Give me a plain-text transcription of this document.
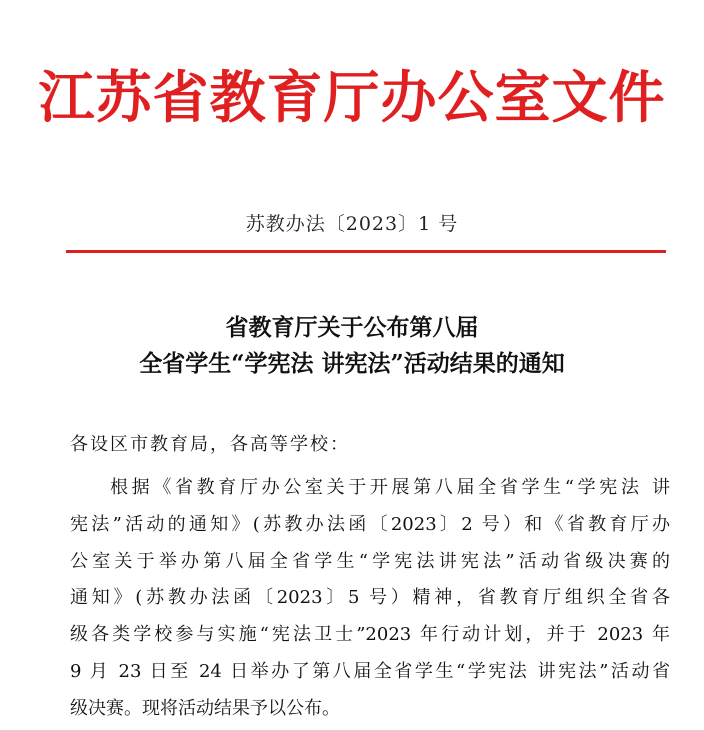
江苏省教育厅办公室文件
苏教办法〔2023〕1 号
省教育厅关于公布第八届
全省学生“学宪法 讲宪法”活动结果的通知
各设区市教育局，各高等学校：
根据《省教育厅办公室关于开展第八届全省学生“学宪法 讲
宪法”活动的通知》(苏教办法函〔2023〕2 号）和《省教育厅办
公室关于举办第八届全省学生“学宪法讲宪法”活动省级决赛的
通知》(苏教办法函〔2023〕5 号）精神，省教育厅组织全省各
级各类学校参与实施“宪法卫士”2023 年行动计划，并于 2023 年
9 月 23 日至 24 日举办了第八届全省学生“学宪法 讲宪法”活动省
级决赛。现将活动结果予以公布。
